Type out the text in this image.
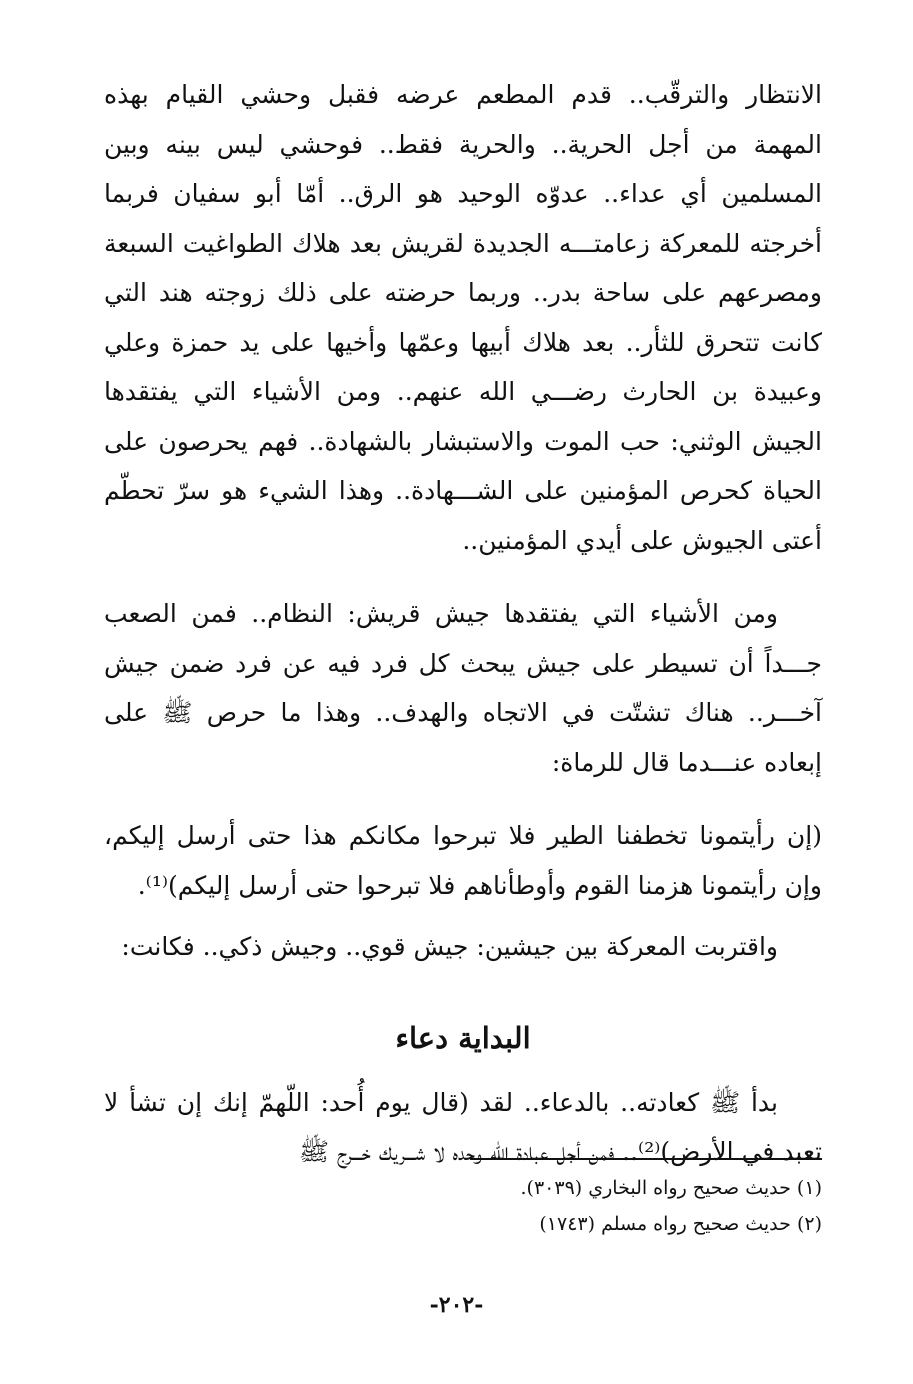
الانتظار والترقّب.. قدم المطعم عرضه فقبل وحشي القيام بهذه المهمة من أجل الحرية.. والحرية فقط.. فوحشي ليس بينه وبين المسلمين أي عداء.. عدوّه الوحيد هو الرق.. أمّا أبو سفيان فربما أخرجته للمعركة زعامتـــه الجديدة لقريش بعد هلاك الطواغيت السبعة ومصرعهم على ساحة بدر.. وربما حرضته على ذلك زوجته هند التي كانت تتحرق للثأر.. بعد هلاك أبيها وعمّها وأخيها على يد حمزة وعلي وعبيدة بن الحارث رضـــي الله عنهم.. ومن الأشياء التي يفتقدها الجيش الوثني: حب الموت والاستبشار بالشهادة.. فهم يحرصون على الحياة كحرص المؤمنين على الشـــهادة.. وهذا الشيء هو سرّ تحطّم أعتى الجيوش على أيدي المؤمنين..

ومن الأشياء التي يفتقدها جيش قريش: النظام.. فمن الصعب جـــداً أن تسيطر على جيش يبحث كل فرد فيه عن فرد ضمن جيش آخـــر.. هناك تشتّت في الاتجاه والهدف.. وهذا ما حرص ﷺ على إبعاده عنـــدما قال للرماة:

(إن رأيتمونا تخطفنا الطير فلا تبرحوا مكانكم هذا حتى أرسل إليكم، وإن رأيتمونا هزمنا القوم وأوطأناهم فلا تبرحوا حتى أرسل إليكم)⁽¹⁾.

واقتربت المعركة بين جيشين: جيش قوي.. وجيش ذكي.. فكانت:

البداية دعاء

بدأ ﷺ كعادته.. بالدعاء.. لقد (قال يوم أُحد: اللّهمّ إنك إن تشأ لا تعبد في الأرض)⁽²⁾.. فمن أجل عبادة الله وحده لا شـــريك خـــرج ﷺ

(١) حديث صحيح رواه البخاري (٣٠٣٩).

(٢) حديث صحيح رواه مسلم (١٧٤٣)

-٢٠٢-
